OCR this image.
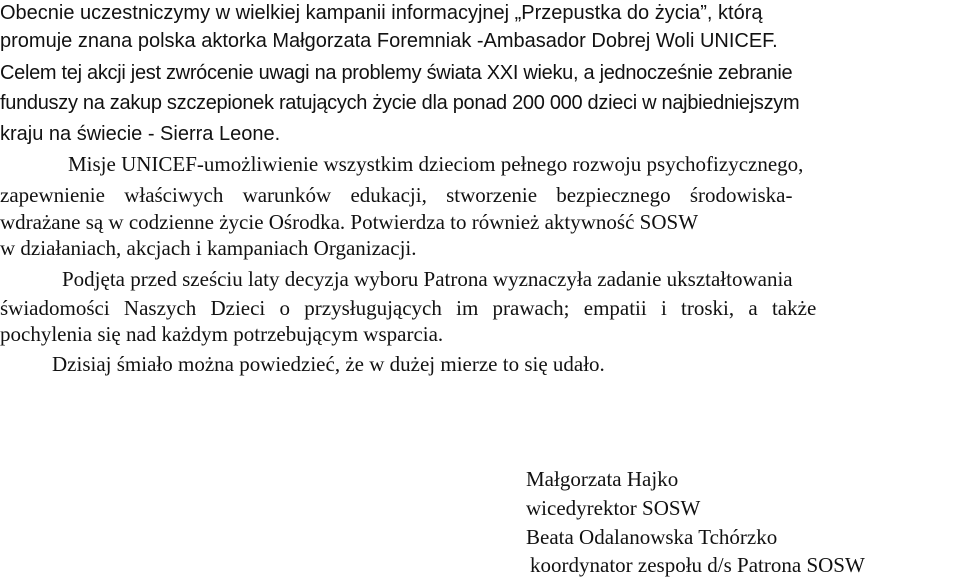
Obecnie uczestniczymy w wielkiej kampanii informacyjnej „Przepustka do życia”, którą
promuje znana polska aktorka Małgorzata Foremniak -Ambasador Dobrej Woli UNICEF.
Celem tej akcji jest zwrócenie uwagi na problemy świata XXI wieku, a jednocześnie zebranie
funduszy na zakup szczepionek ratujących życie dla ponad 200 000 dzieci w najbiedniejszym
kraju na świecie - Sierra Leone.
Misje UNICEF-umożliwienie wszystkim dzieciom pełnego rozwoju psychofizycznego,
zapewnienie właściwych warunków edukacji, stworzenie bezpiecznego środowiska-
wdrażane są w codzienne życie Ośrodka. Potwierdza to również aktywność SOSW
w działaniach, akcjach i kampaniach Organizacji.
Podjęta przed sześciu laty decyzja wyboru Patrona wyznaczyła zadanie ukształtowania
świadomości Naszych Dzieci o przysługujących im prawach; empatii i troski, a także
pochylenia się nad każdym potrzebującym wsparcia.
Dzisiaj śmiało można powiedzieć, że w dużej mierze to się udało.
Małgorzata Hajko
wicedyrektor SOSW
Beata Odalanowska Tchórzko
koordynator zespołu d/s Patrona SOSW
